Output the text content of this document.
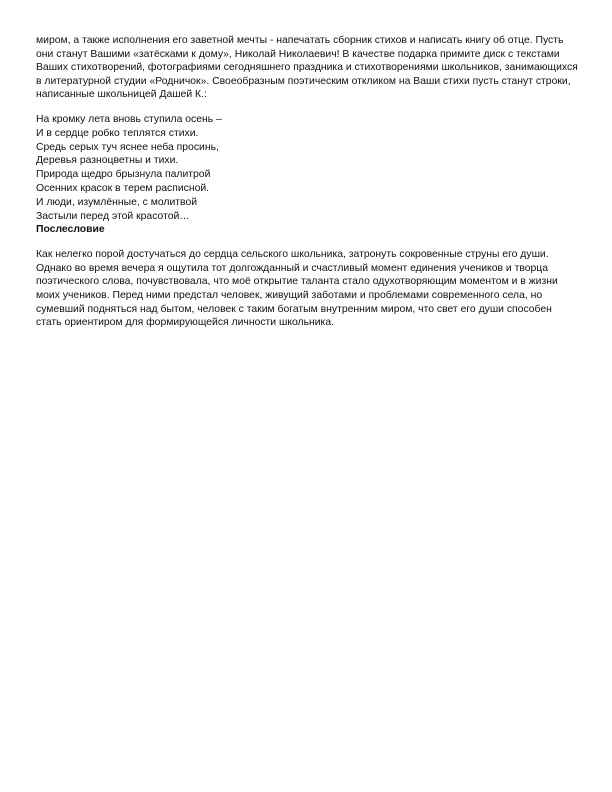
миром, а также исполнения его заветной мечты - напечатать сборник стихов и написать книгу об отце. Пусть они станут Вашими «затёсками к дому», Николай Николаевич! В качестве подарка примите диск с текстами Ваших стихотворений, фотографиями сегодняшнего праздника и стихотворениями школьников, занимающихся в литературной студии «Родничок». Своеобразным поэтическим откликом на Ваши стихи пусть станут строки, написанные школьницей Дашей К.:

На кромку лета вновь ступила осень –

И в сердце робко теплятся стихи.

Средь серых туч яснее неба просинь,

Деревья разноцветны и тихи.

Природа щедро брызнула палитрой

Осенних красок в терем расписной.

И люди, изумлённые, с молитвой

Застыли перед этой красотой…

Послесловие

Как нелегко порой достучаться до сердца сельского школьника, затронуть сокровенные струны его души. Однако во время вечера я ощутила тот долгожданный и счастливый момент единения учеников и творца поэтического слова, почувствовала, что моё открытие таланта стало одухотворяющим моментом и в жизни моих учеников. Перед ними предстал человек, живущий заботами и проблемами современного села, но сумевший подняться над бытом, человек с таким богатым внутренним миром, что свет его души способен стать ориентиром для формирующейся личности школьника.
